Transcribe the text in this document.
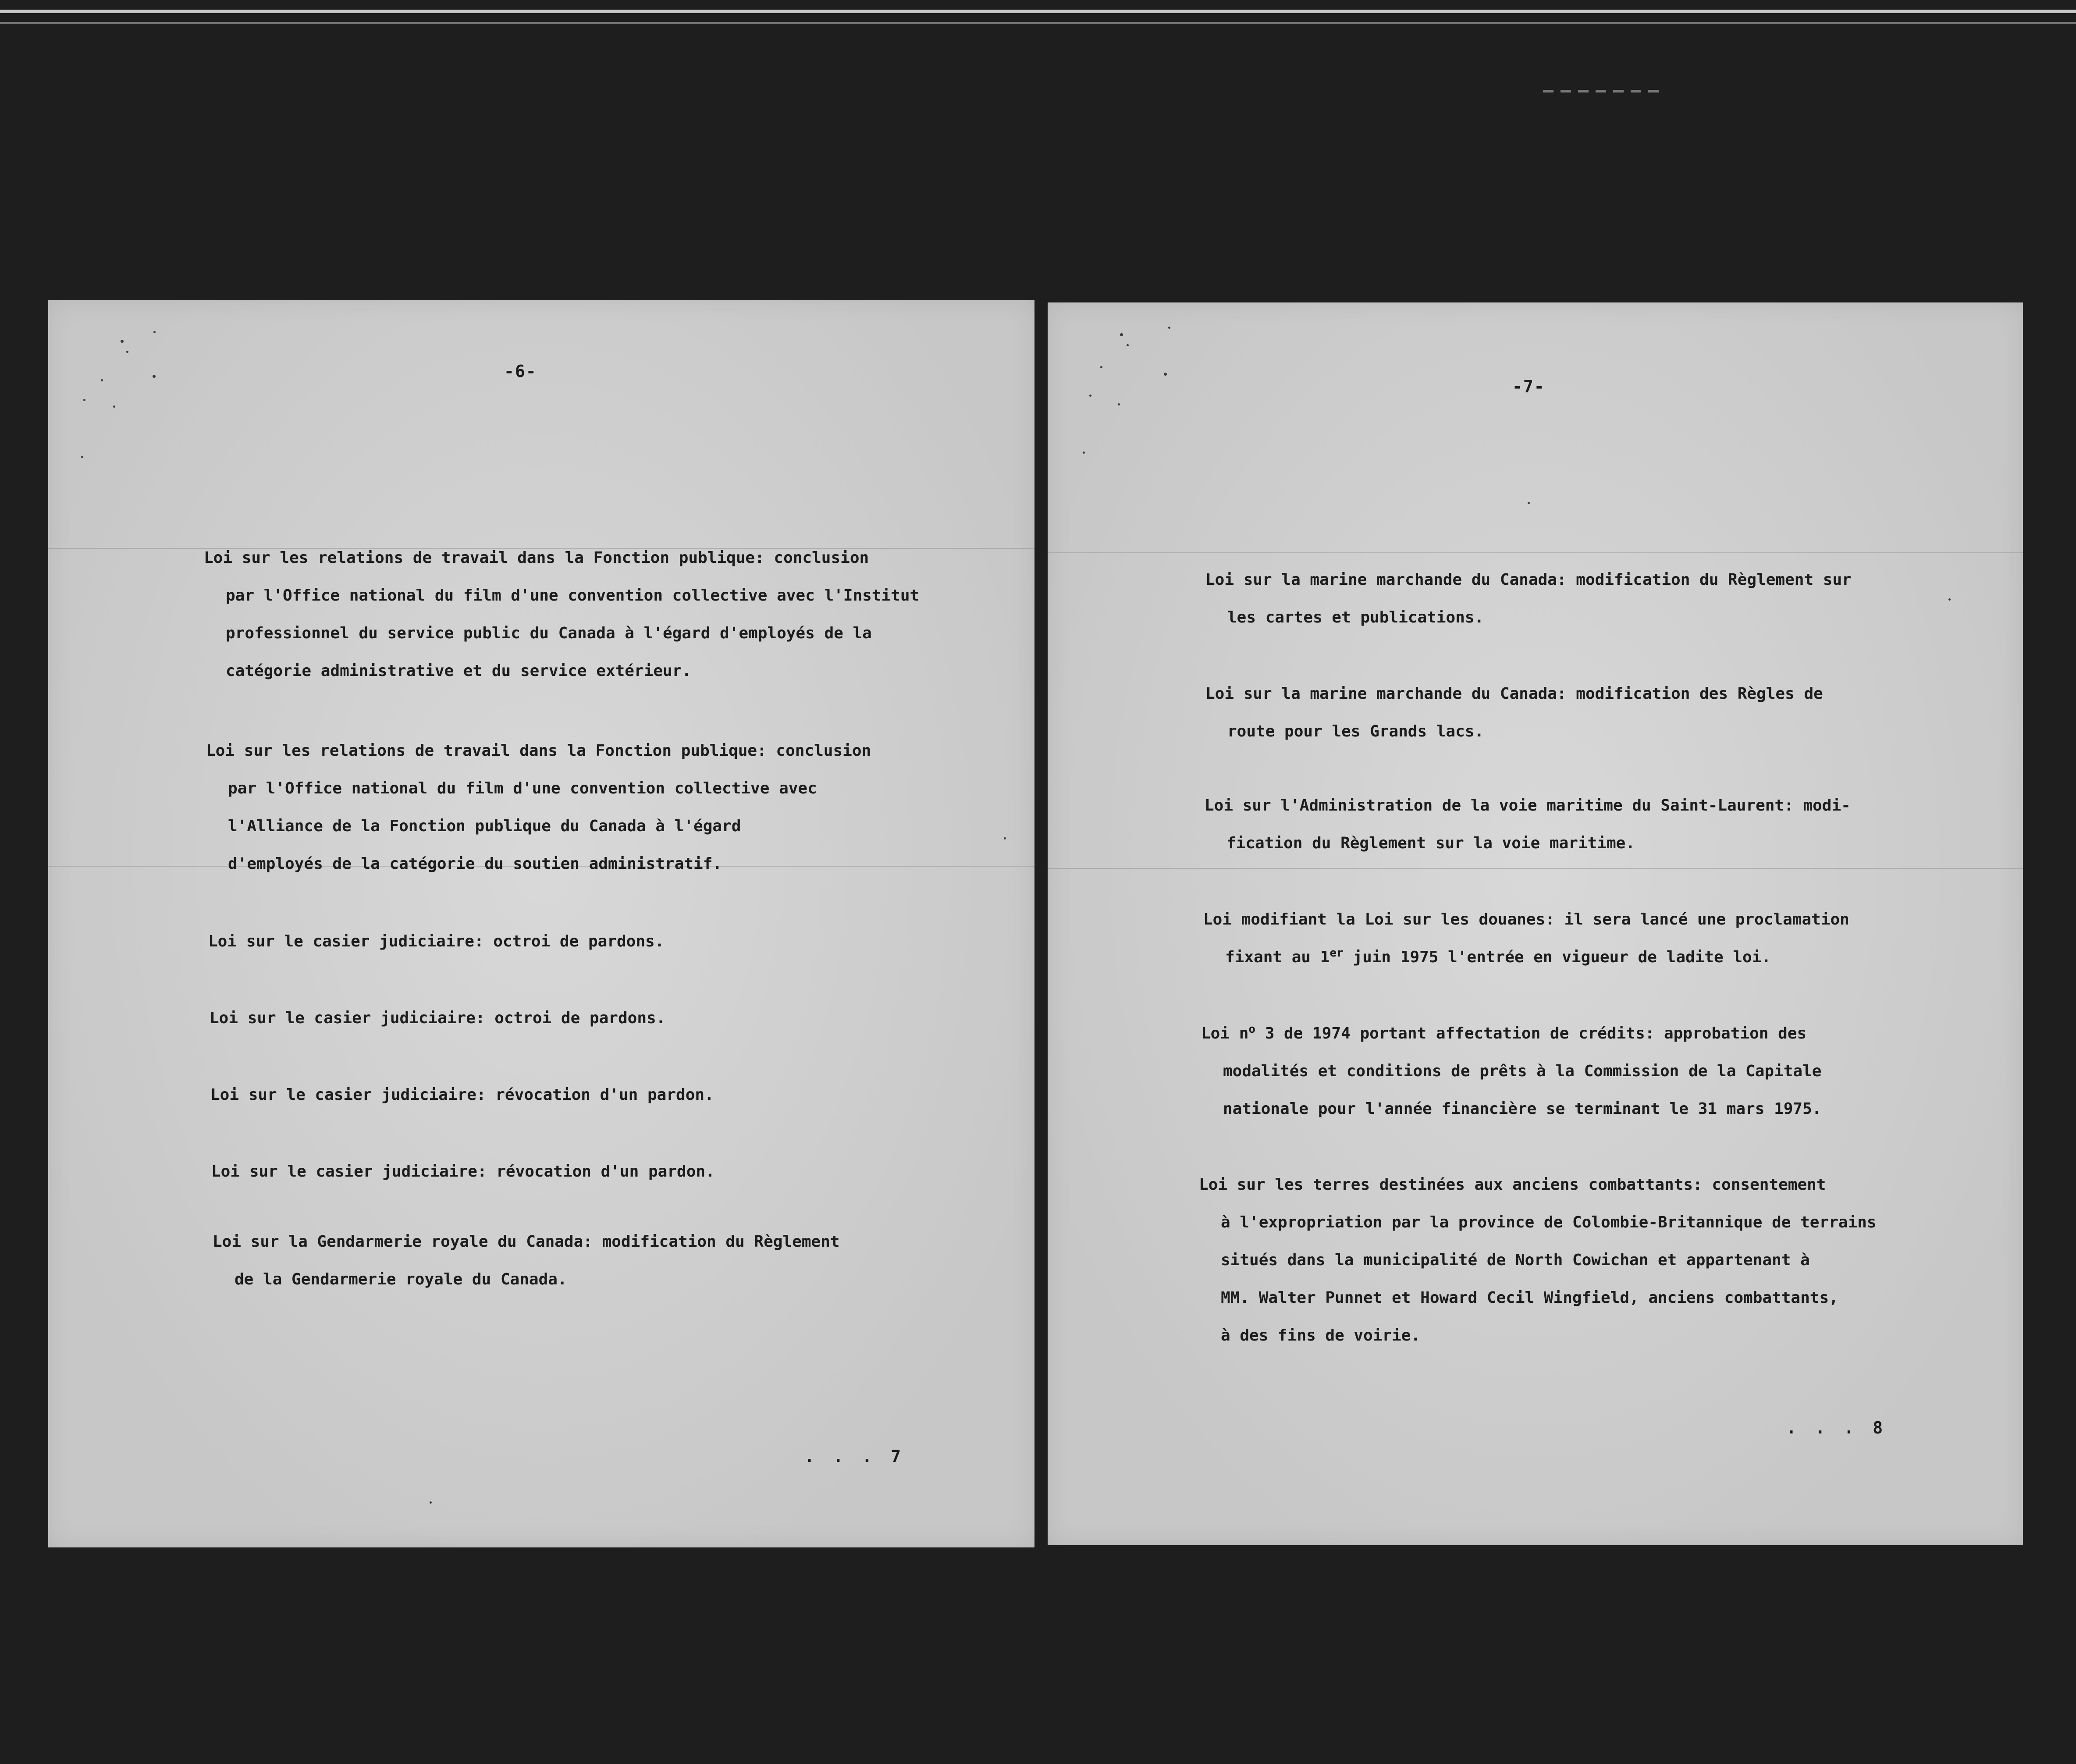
-6-
Loi sur les relations de travail dans la Fonction publique: conclusion
par l'Office national du film d'une convention collective avec l'Institut
professionnel du service public du Canada à l'égard d'employés de la
catégorie administrative et du service extérieur.
Loi sur les relations de travail dans la Fonction publique: conclusion
par l'Office national du film d'une convention collective avec
l'Alliance de la Fonction publique du Canada à l'égard
d'employés de la catégorie du soutien administratif.
Loi sur le casier judiciaire: octroi de pardons.
Loi sur le casier judiciaire: octroi de pardons.
Loi sur le casier judiciaire: révocation d'un pardon.
Loi sur le casier judiciaire: révocation d'un pardon.
Loi sur la Gendarmerie royale du Canada: modification du Règlement
de la Gendarmerie royale du Canada.
. . . 7
-7-
Loi sur la marine marchande du Canada: modification du Règlement sur
les cartes et publications.
Loi sur la marine marchande du Canada: modification des Règles de
route pour les Grands lacs.
Loi sur l'Administration de la voie maritime du Saint-Laurent: modi-
fication du Règlement sur la voie maritime.
Loi modifiant la Loi sur les douanes: il sera lancé une proclamation
fixant au 1er juin 1975 l'entrée en vigueur de ladite loi.
Loi $n^o$ 3 de 1974 portant affectation de crédits: approbation des
modalités et conditions de prêts à la Commission de la Capitale
nationale pour l'année financière se terminant le 31 mars 1975.
Loi sur les terres destinées aux anciens combattants: consentement
à l'expropriation par la province de Colombie-Britannique de terrains
situés dans la municipalité de North Cowichan et appartenant à
MM. Walter Punnet et Howard Cecil Wingfield, anciens combattants,
à des fins de voirie.
. . . 8
